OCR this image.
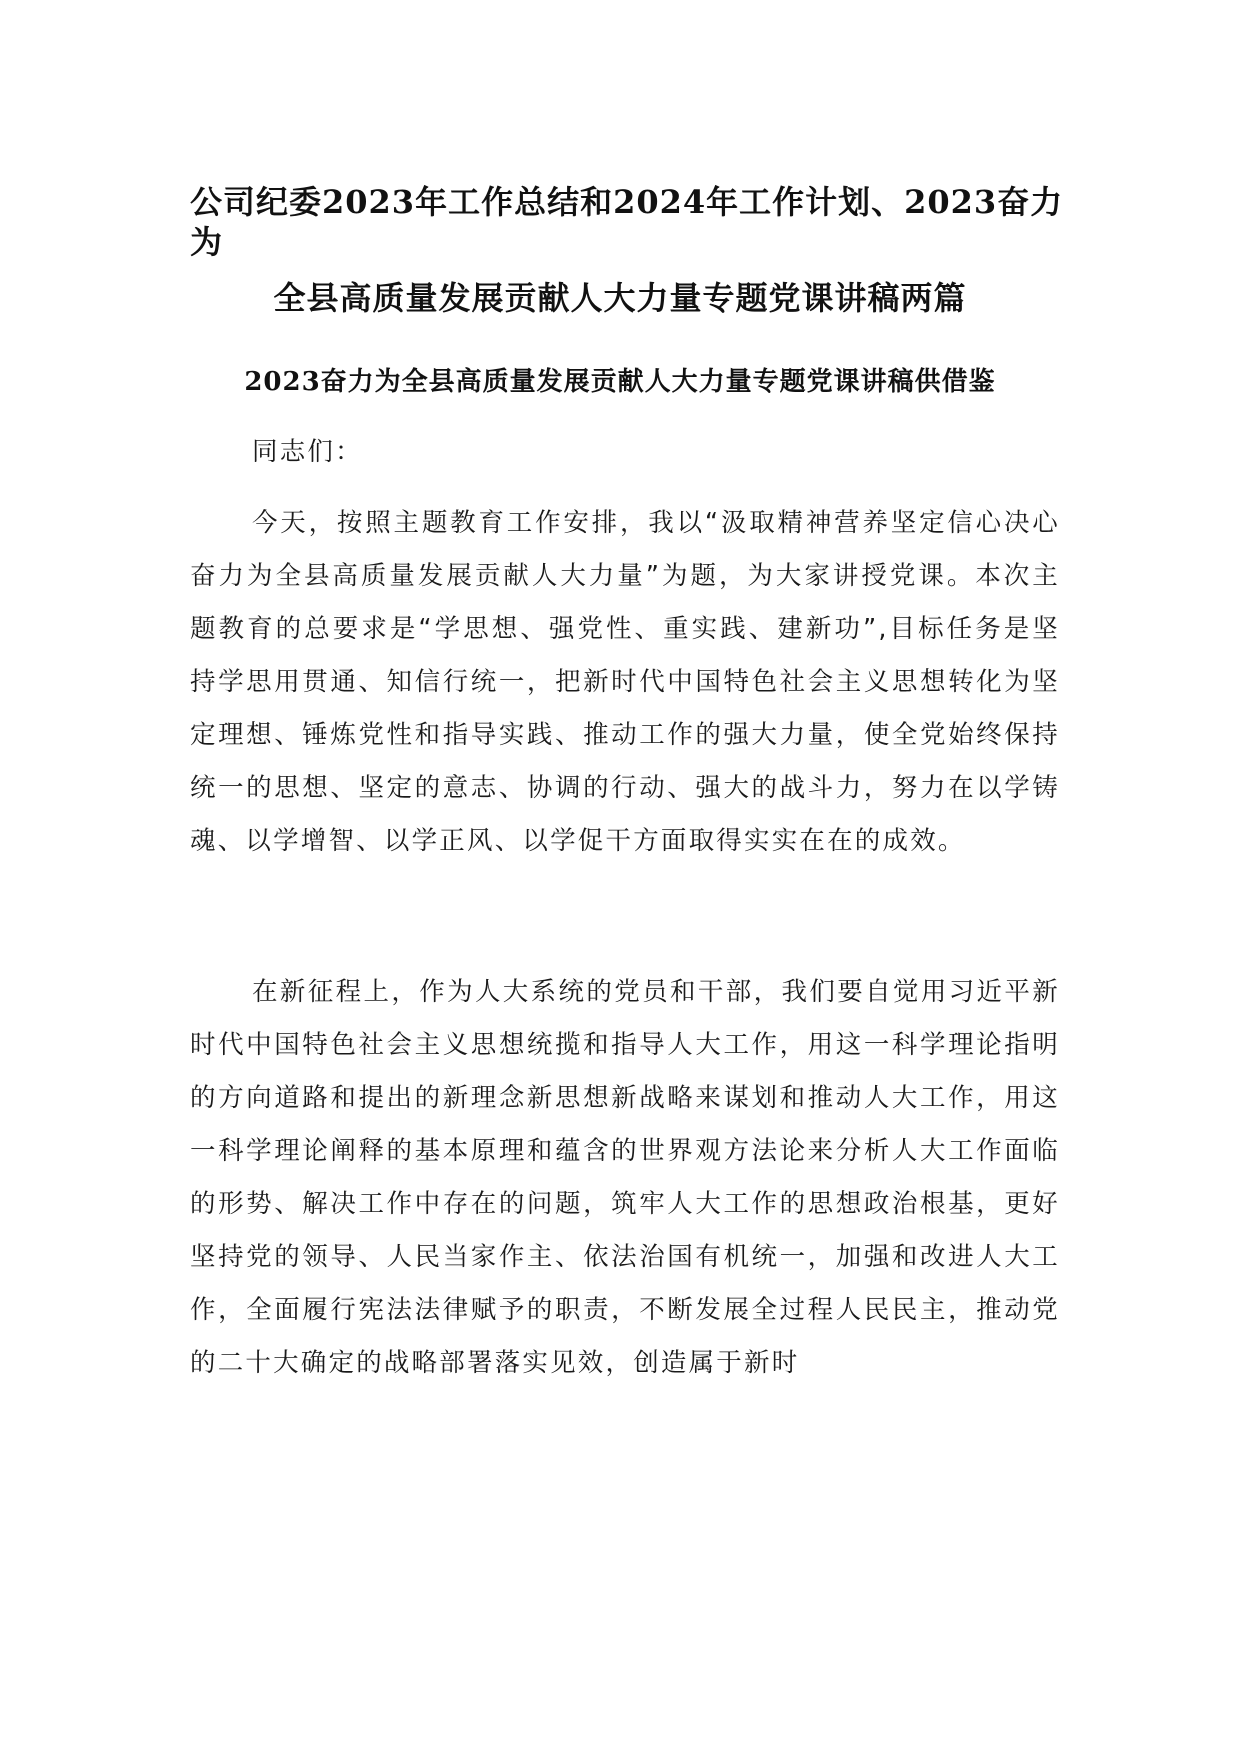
公司纪委2023年工作总结和2024年工作计划、2023奋力为
全县高质量发展贡献人大力量专题党课讲稿两篇
2023奋力为全县高质量发展贡献人大力量专题党课讲稿供借鉴
同志们：

今天，按照主题教育工作安排，我以“汲取精神营养坚定信心决心奋力为全县高质量发展贡献人大力量”为题，为大家讲授党课。本次主题教育的总要求是“学思想、强党性、重实践、建新功”,目标任务是坚持学思用贯通、知信行统一，把新时代中国特色社会主义思想转化为坚定理想、锤炼党性和指导实践、推动工作的强大力量，使全党始终保持统一的思想、坚定的意志、协调的行动、强大的战斗力，努力在以学铸魂、以学增智、以学正风、以学促干方面取得实实在在的成效。

在新征程上，作为人大系统的党员和干部，我们要自觉用习近平新时代中国特色社会主义思想统揽和指导人大工作，用这一科学理论指明的方向道路和提出的新理念新思想新战略来谋划和推动人大工作，用这一科学理论阐释的基本原理和蕴含的世界观方法论来分析人大工作面临的形势、解决工作中存在的问题，筑牢人大工作的思想政治根基，更好坚持党的领导、人民当家作主、依法治国有机统一，加强和改进人大工作，全面履行宪法法律赋予的职责，不断发展全过程人民民主，推动党的二十大确定的战略部署落实见效，创造属于新时
